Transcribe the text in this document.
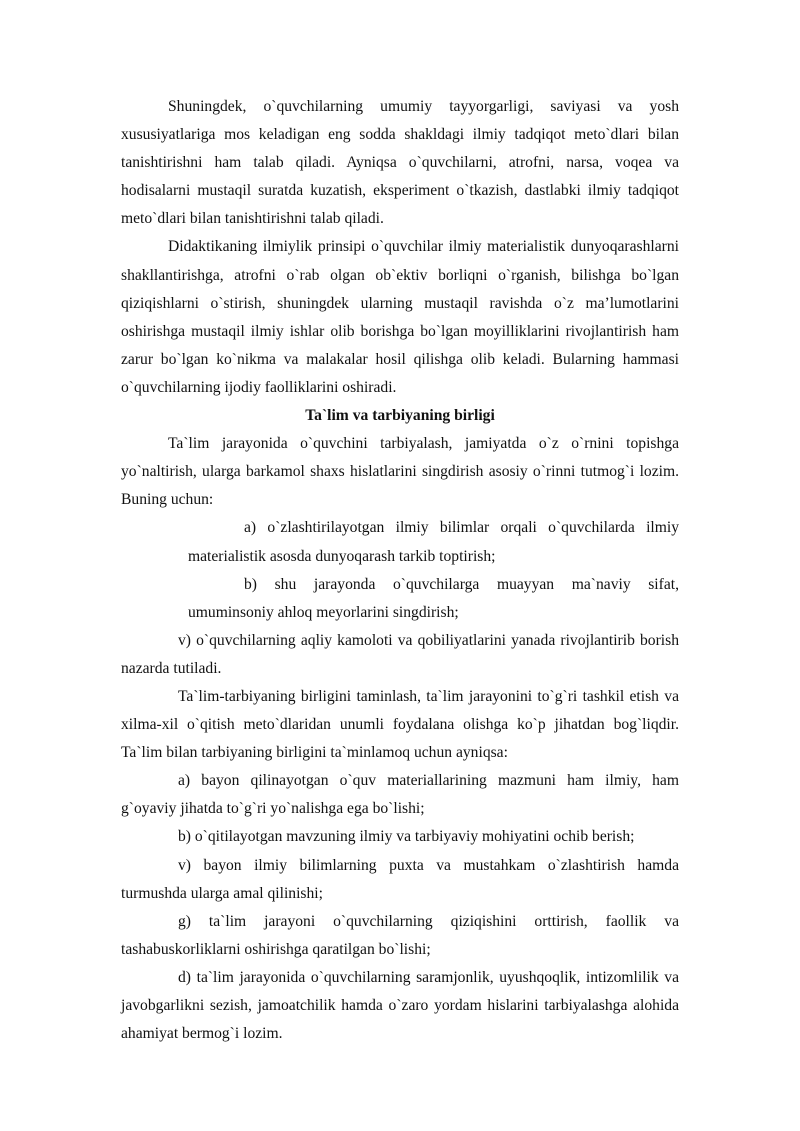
Shuningdek, o`quvchilarning umumiy tayyorgarligi, saviyasi va yosh xususiyatlariga mos keladigan eng sodda shakldagi ilmiy tadqiqot meto`dlari bilan tanishtirishni ham talab qiladi. Ayniqsa o`quvchilarni, atrofni, narsa, voqea va hodisalarni mustaqil suratda kuzatish, eksperiment o`tkazish, dastlabki ilmiy tadqiqot meto`dlari bilan tanishtirishni talab qiladi.

Didaktikaning ilmiylik prinsipi o`quvchilar ilmiy materialistik dunyoqarashlarni shakllantirishga, atrofni o`rab olgan ob`ektiv borliqni o`rganish, bilishga bo`lgan qiziqishlarni o`stirish, shuningdek ularning mustaqil ravishda o`z ma’lumotlarini oshirishga mustaqil ilmiy ishlar olib borishga bo`lgan moyilliklarini rivojlantirish ham zarur bo`lgan ko`nikma va malakalar hosil qilishga olib keladi. Bularning hammasi o`quvchilarning ijodiy faolliklarini oshiradi.

Ta`lim va tarbiyaning birligi

Ta`lim jarayonida o`quvchini tarbiyalash, jamiyatda o`z o`rnini topishga yo`naltirish, ularga barkamol shaxs hislatlarini singdirish asosiy o`rinni tutmog`i lozim. Buning uchun:

a) o`zlashtirilayotgan ilmiy bilimlar orqali o`quvchilarda ilmiy materialistik asosda dunyoqarash tarkib toptirish;

b) shu jarayonda o`quvchilarga muayyan ma`naviy sifat, umuminsoniy ahloq meyorlarini singdirish;

v) o`quvchilarning aqliy kamoloti va qobiliyatlarini yanada rivojlantirib borish nazarda tutiladi.

Ta`lim-tarbiyaning birligini taminlash, ta`lim jarayonini to`g`ri tashkil etish va xilma-xil o`qitish meto`dlaridan unumli foydalana olishga ko`p jihatdan bog`liqdir. Ta`lim bilan tarbiyaning birligini ta`minlamoq uchun ayniqsa:

a) bayon qilinayotgan o`quv materiallarining mazmuni ham ilmiy, ham g`oyaviy jihatda to`g`ri yo`nalishga ega bo`lishi;

b) o`qitilayotgan mavzuning ilmiy va tarbiyaviy mohiyatini ochib berish;

v) bayon ilmiy bilimlarning puxta va mustahkam o`zlashtirish hamda turmushda ularga amal qilinishi;

g) ta`lim jarayoni o`quvchilarning qiziqishini orttirish, faollik va tashabuskorliklarni oshirishga qaratilgan bo`lishi;

d) ta`lim jarayonida o`quvchilarning saramjonlik, uyushqoqlik, intizomlilik va javobgarlikni sezish, jamoatchilik hamda o`zaro yordam hislarini tarbiyalashga alohida ahamiyat bermog`i lozim.
